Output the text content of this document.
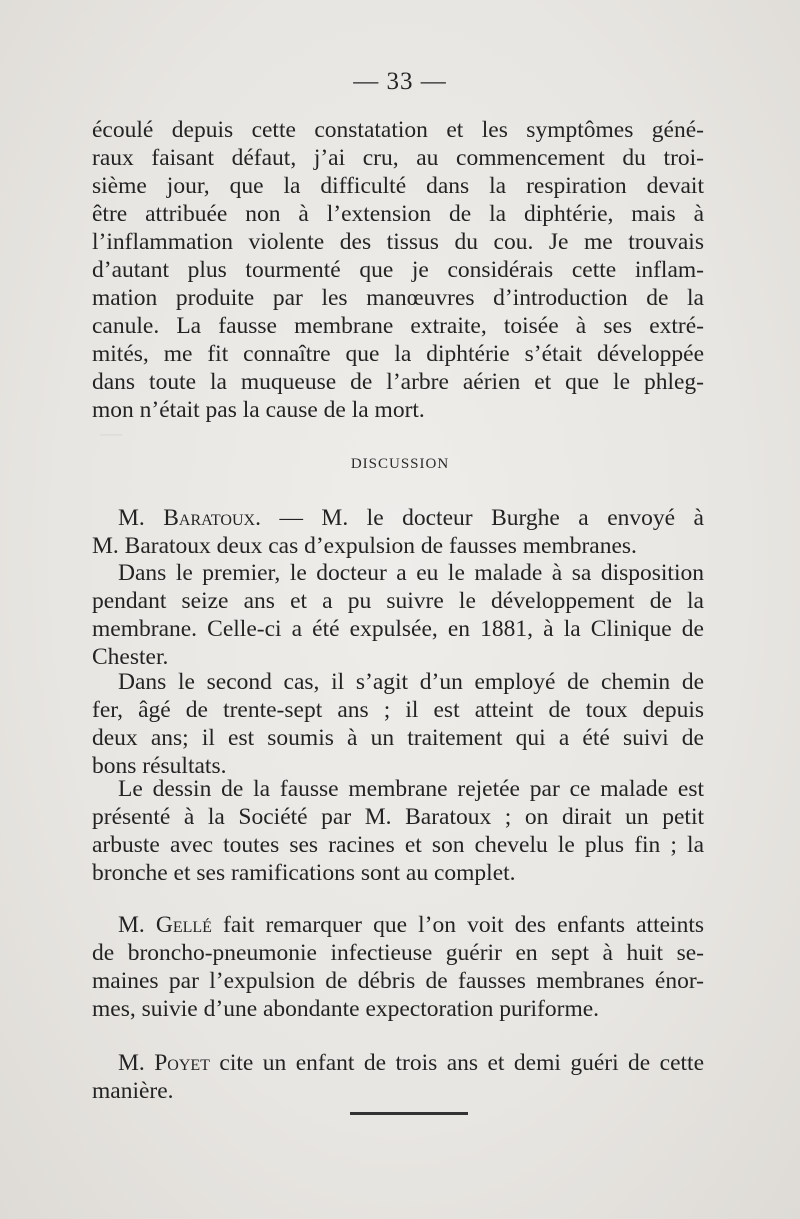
—
— 33 —
écoulé depuis cette constatation et les symptômes géné-
raux faisant défaut, j’ai cru, au commencement du troi-
sième jour, que la difficulté dans la respiration devait
être attribuée non à l’extension de la diphtérie, mais à
l’inflammation violente des tissus du cou. Je me trouvais
d’autant plus tourmenté que je considérais cette inflam-
mation produite par les manœuvres d’introduction de la
canule. La fausse membrane extraite, toisée à ses extré-
mités, me fit connaître que la diphtérie s’était développée
dans toute la muqueuse de l’arbre aérien et que le phleg-
mon n’était pas la cause de la mort.
DISCUSSION
M. Baratoux. — M. le docteur Burghe a envoyé à
M. Baratoux deux cas d’expulsion de fausses membranes.
Dans le premier, le docteur a eu le malade à sa disposition
pendant seize ans et a pu suivre le développement de la
membrane. Celle-ci a été expulsée, en 1881, à la Clinique de
Chester.
Dans le second cas, il s’agit d’un employé de chemin de
fer, âgé de trente-sept ans ; il est atteint de toux depuis
deux ans; il est soumis à un traitement qui a été suivi de
bons résultats.
Le dessin de la fausse membrane rejetée par ce malade est
présenté à la Société par M. Baratoux ; on dirait un petit
arbuste avec toutes ses racines et son chevelu le plus fin ; la
bronche et ses ramifications sont au complet.
M. Gellé fait remarquer que l’on voit des enfants atteints
de broncho-pneumonie infectieuse guérir en sept à huit se-
maines par l’expulsion de débris de fausses membranes énor-
mes, suivie d’une abondante expectoration puriforme.
M. Poyet cite un enfant de trois ans et demi guéri de cette
manière.
